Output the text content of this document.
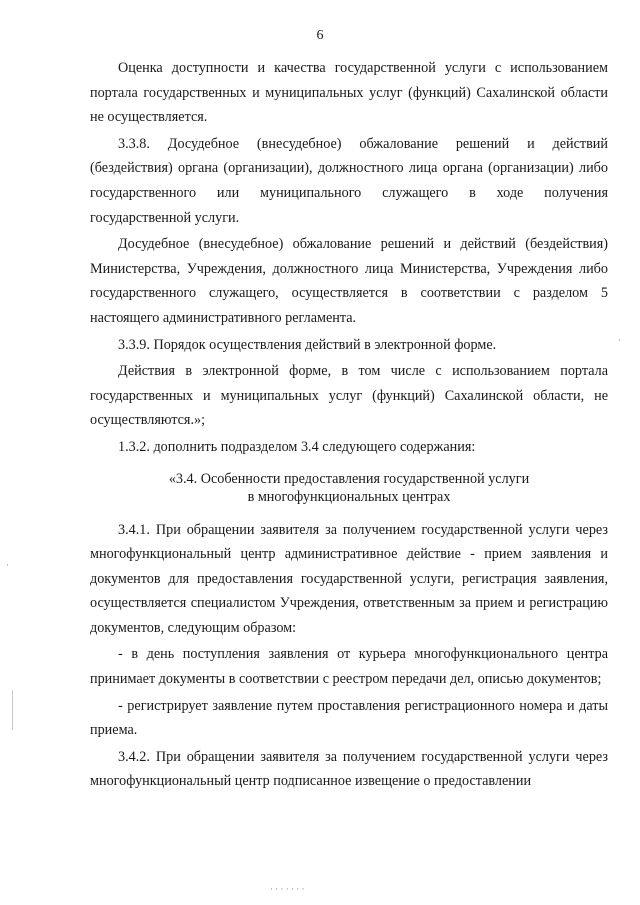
6

Оценка доступности и качества государственной услуги с использованием портала государственных и муниципальных услуг (функций) Сахалинской области не осуществляется.

3.3.8. Досудебное (внесудебное) обжалование решений и действий (бездействия) органа (организации), должностного лица органа (организации) либо государственного или муниципального служащего в ходе получения государственной услуги.

Досудебное (внесудебное) обжалование решений и действий (бездействия) Министерства, Учреждения, должностного лица Министерства, Учреждения либо государственного служащего, осуществляется в соответствии с разделом 5 настоящего административного регламента.

3.3.9. Порядок осуществления действий в электронной форме.

Действия в электронной форме, в том числе с использованием портала государственных и муниципальных услуг (функций) Сахалинской области, не осуществляются.»;

1.3.2. дополнить подразделом 3.4 следующего содержания:

«3.4. Особенности предоставления государственной услуги
в многофункциональных центрах

3.4.1. При обращении заявителя за получением государственной услуги через многофункциональный центр административное действие - прием заявления и документов для предоставления государственной услуги, регистрация заявления, осуществляется специалистом Учреждения, ответственным за прием и регистрацию документов, следующим образом:

- в день поступления заявления от курьера многофункционального центра принимает документы в соответствии с реестром передачи дел, описью документов;

- регистрирует заявление путем проставления регистрационного номера и даты приема.

3.4.2. При обращении заявителя за получением государственной услуги через многофункциональный центр подписанное извещение о предоставлении

· · · · · · ·
·
·
